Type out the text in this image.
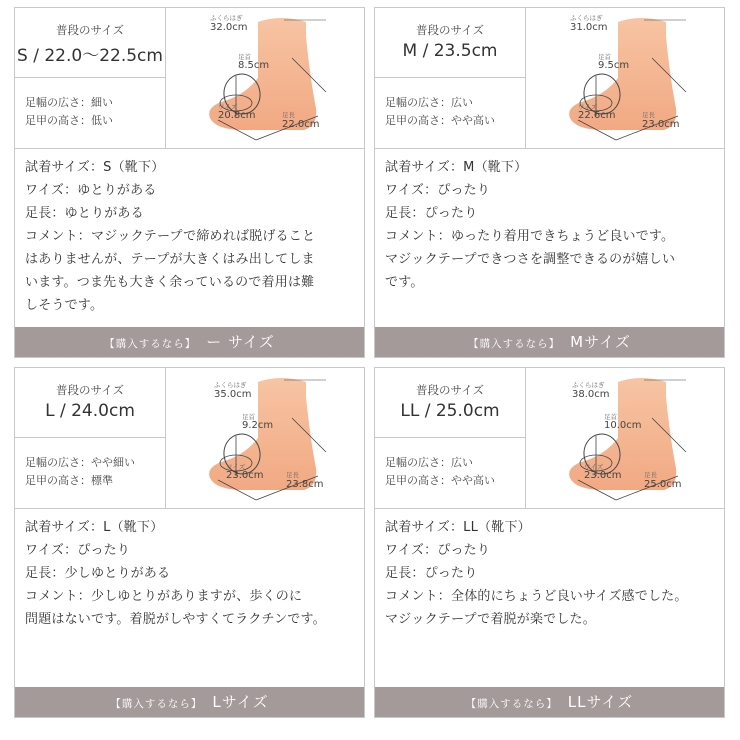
普段のサイズ
S / 22.0～22.5cm
足幅の広さ：細い
足甲の高さ：低い
ふくらはぎ
32.0cm
足首
8.5cm
ワイズ
20.8cm	足長
22.0cm
試着サイズ：S（靴下）
ワイズ：ゆとりがある
足長：ゆとりがある
コメント：マジックテープで締めれば脱げること
はありませんが、テープが大きくはみ出してしま
います。つま先も大きく余っているので着用は難
しそうです。
【購入するなら】 ー サイズ
普段のサイズ
M / 23.5cm
足幅の広さ：広い
足甲の高さ：やや高い
ふくらはぎ
31.0cm
足首
9.5cm
ワイズ
22.6cm	足長
23.0cm
試着サイズ：M（靴下）
ワイズ：ぴったり
足長：ぴったり
コメント：ゆったり着用できちょうど良いです。
マジックテープできつさを調整できるのが嬉しい
です。
【購入するなら】 Mサイズ
普段のサイズ
L / 24.0cm
足幅の広さ：やや細い
足甲の高さ：標準
ふくらはぎ
35.0cm
足首
9.2cm
ワイズ
23.0cm	足長
23.8cm
試着サイズ：L（靴下）
ワイズ：ぴったり
足長：少しゆとりがある
コメント：少しゆとりがありますが、歩くのに
問題はないです。着脱がしやすくてラクチンです。
【購入するなら】 Lサイズ
普段のサイズ
LL / 25.0cm
足幅の広さ：広い
足甲の高さ：やや高い
ふくらはぎ
38.0cm
足首
10.0cm
ワイズ
23.0cm	足長
25.0cm
試着サイズ：LL（靴下）
ワイズ：ぴったり
足長：ぴったり
コメント：全体的にちょうど良いサイズ感でした。
マジックテープで着脱が楽でした。
【購入するなら】 LLサイズ
